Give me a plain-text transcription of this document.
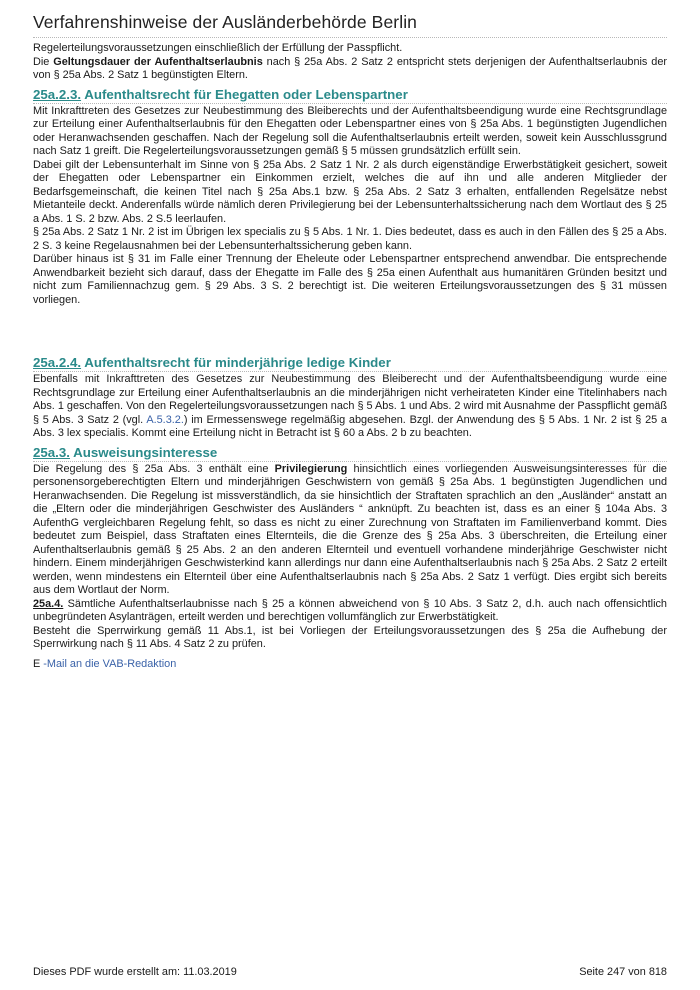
Verfahrenshinweise der Ausländerbehörde Berlin

Regelerteilungsvoraussetzungen einschließlich der Erfüllung der Passpflicht.

Die Geltungsdauer der Aufenthaltserlaubnis nach § 25a Abs. 2 Satz 2 entspricht stets derjenigen der Aufenthaltserlaubnis der von § 25a Abs. 2 Satz 1 begünstigten Eltern.

25a.2.3. Aufenthaltsrecht für Ehegatten oder Lebenspartner

Mit Inkrafttreten des Gesetzes zur Neubestimmung des Bleiberechts und der Aufenthaltsbeendigung wurde eine Rechtsgrundlage zur Erteilung einer Aufenthaltserlaubnis für den Ehegatten oder Lebenspartner eines von § 25a Abs. 1 begünstigten Jugendlichen oder Heranwachsenden geschaffen. Nach der Regelung soll die Aufenthaltserlaubnis erteilt werden, soweit kein Ausschlussgrund nach Satz 1 greift. Die Regelerteilungsvoraussetzungen gemäß § 5 müssen grundsätzlich erfüllt sein.

Dabei gilt der Lebensunterhalt im Sinne von § 25a Abs. 2 Satz 1 Nr. 2 als durch eigenständige Erwerbstätigkeit gesichert, soweit der Ehegatten oder Lebenspartner ein Einkommen erzielt, welches die auf ihn und alle anderen Mitglieder der Bedarfsgemeinschaft, die keinen Titel nach § 25a Abs.1 bzw. § 25a Abs. 2 Satz 3 erhalten, entfallenden Regelsätze nebst Mietanteile deckt. Anderenfalls würde nämlich deren Privilegierung bei der Lebensunterhaltssicherung nach dem Wortlaut des § 25 a Abs. 1 S. 2 bzw. Abs. 2 S.5 leerlaufen.

§ 25a Abs. 2 Satz 1 Nr. 2 ist im Übrigen lex specialis zu § 5 Abs. 1 Nr. 1. Dies bedeutet, dass es auch in den Fällen des § 25 a Abs. 2 S. 3 keine Regelausnahmen bei der Lebensunterhaltssicherung geben kann.

Darüber hinaus ist § 31 im Falle einer Trennung der Eheleute oder Lebenspartner entsprechend anwendbar. Die entsprechende Anwendbarkeit bezieht sich darauf, dass der Ehegatte im Falle des § 25a einen Aufenthalt aus humanitären Gründen besitzt und nicht zum Familiennachzug gem. § 29 Abs. 3 S. 2 berechtigt ist. Die weiteren Erteilungsvoraussetzungen des § 31 müssen vorliegen.

25a.2.4. Aufenthaltsrecht für minderjährige ledige Kinder

Ebenfalls mit Inkrafttreten des Gesetzes zur Neubestimmung des Bleiberecht und der Aufenthaltsbeendigung wurde eine Rechtsgrundlage zur Erteilung einer Aufenthaltserlaubnis an die minderjährigen nicht verheirateten Kinder eine Titelinhabers nach Abs. 1 geschaffen. Von den Regelerteilungsvoraussetzungen nach § 5 Abs. 1 und Abs. 2 wird mit Ausnahme der Passpflicht gemäß § 5 Abs. 3 Satz 2 (vgl. A.5.3.2.) im Ermessenswege regelmäßig abgesehen. Bzgl. der Anwendung des § 5 Abs. 1 Nr. 2 ist § 25 a Abs. 3 lex specialis. Kommt eine Erteilung nicht in Betracht ist § 60 a Abs. 2 b zu beachten.

25a.3. Ausweisungsinteresse

Die Regelung des § 25a Abs. 3 enthält eine Privilegierung hinsichtlich eines vorliegenden Ausweisungsinteresses für die personensorgeberechtigten Eltern und minderjährigen Geschwistern von gemäß § 25a Abs. 1 begünstigten Jugendlichen und Heranwachsenden. Die Regelung ist missverständlich, da sie hinsichtlich der Straftaten sprachlich an den „Ausländer“ anstatt an die „Eltern oder die minderjährigen Geschwister des Ausländers “ anknüpft. Zu beachten ist, dass es an einer § 104a Abs. 3 AufenthG vergleichbaren Regelung fehlt, so dass es nicht zu einer Zurechnung von Straftaten im Familienverband kommt. Dies bedeutet zum Beispiel, dass Straftaten eines Elternteils, die die Grenze des § 25a Abs. 3 überschreiten, die Erteilung einer Aufenthaltserlaubnis gemäß § 25 Abs. 2 an den anderen Elternteil und eventuell vorhandene minderjährige Geschwister nicht hindern. Einem minderjährigen Geschwisterkind kann allerdings nur dann eine Aufenthaltserlaubnis nach § 25a Abs. 2 Satz 2 erteilt werden, wenn mindestens ein Elternteil über eine Aufenthaltserlaubnis nach § 25a Abs. 2 Satz 1 verfügt. Dies ergibt sich bereits aus dem Wortlaut der Norm.

25a.4. Sämtliche Aufenthaltserlaubnisse nach § 25 a können abweichend von § 10 Abs. 3 Satz 2, d.h. auch nach offensichtlich unbegründeten Asylanträgen, erteilt werden und berechtigen vollumfänglich zur Erwerbstätigkeit.

Besteht die Sperrwirkung gemäß 11 Abs.1, ist bei Vorliegen der Erteilungsvoraussetzungen des § 25a die Aufhebung der Sperrwirkung nach § 11 Abs. 4 Satz 2 zu prüfen.

E -Mail an die VAB-Redaktion
Dieses PDF wurde erstellt am: 11.03.2019	Seite 247 von 818
